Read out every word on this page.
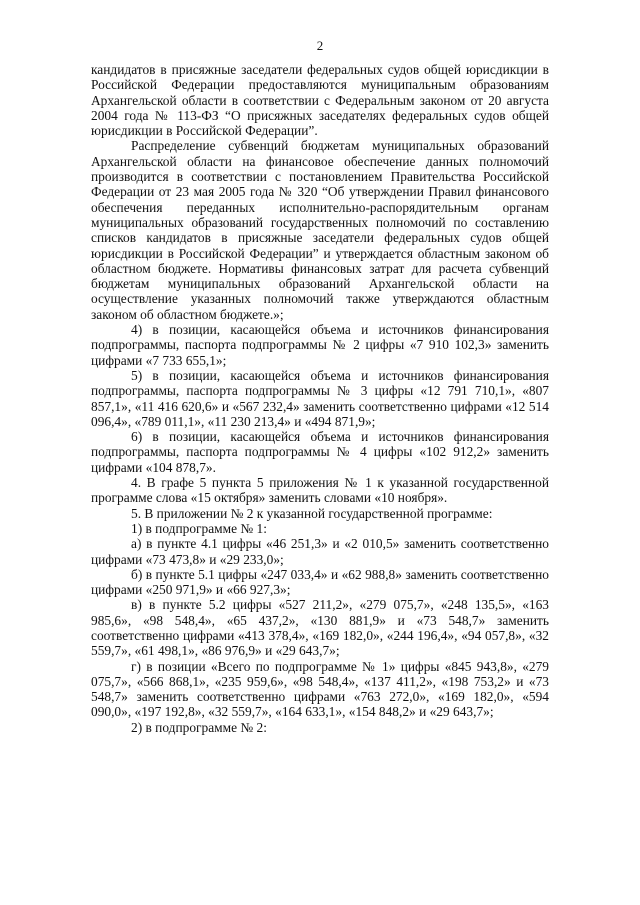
2

кандидатов в присяжные заседатели федеральных судов общей юрисдикции в Российской Федерации предоставляются муниципальным образованиям Архангельской области в соответствии с Федеральным законом от 20 августа 2004 года № 113-ФЗ “О присяжных заседателях федеральных судов общей юрисдикции в Российской Федерации”.

Распределение субвенций бюджетам муниципальных образований Архангельской области на финансовое обеспечение данных полномочий производится в соответствии с постановлением Правительства Российской Федерации от 23 мая 2005 года № 320 “Об утверждении Правил финансового обеспечения переданных исполнительно-распорядительным органам муниципальных образований государственных полномочий по составлению списков кандидатов в присяжные заседатели федеральных судов общей юрисдикции в Российской Федерации” и утверждается областным законом об областном бюджете. Нормативы финансовых затрат для расчета субвенций бюджетам муниципальных образований Архангельской области на осуществление указанных полномочий также утверждаются областным законом об областном бюджете.»;

4) в позиции, касающейся объема и источников финансирования подпрограммы, паспорта подпрограммы № 2 цифры «7 910 102,3» заменить цифрами «7 733 655,1»;

5) в позиции, касающейся объема и источников финансирования подпрограммы, паспорта подпрограммы № 3 цифры «12 791 710,1», «807 857,1», «11 416 620,6» и «567 232,4» заменить соответственно цифрами «12 514 096,4», «789 011,1», «11 230 213,4» и «494 871,9»;

6) в позиции, касающейся объема и источников финансирования подпрограммы, паспорта подпрограммы № 4 цифры «102 912,2» заменить цифрами «104 878,7».

4. В графе 5 пункта 5 приложения № 1 к указанной государственной программе слова «15 октября» заменить словами «10 ноября».

5. В приложении № 2 к указанной государственной программе:

1) в подпрограмме № 1:

а) в пункте 4.1 цифры «46 251,3» и «2 010,5» заменить соответственно цифрами «73 473,8» и «29 233,0»;

б) в пункте 5.1 цифры «247 033,4» и «62 988,8» заменить соответственно цифрами «250 971,9» и «66 927,3»;

в) в пункте 5.2 цифры «527 211,2», «279 075,7», «248 135,5», «163 985,6», «98 548,4», «65 437,2», «130 881,9» и «73 548,7» заменить соответственно цифрами «413 378,4», «169 182,0», «244 196,4», «94 057,8», «32 559,7», «61 498,1», «86 976,9» и «29 643,7»;

г) в позиции «Всего по подпрограмме № 1» цифры «845 943,8», «279 075,7», «566 868,1», «235 959,6», «98 548,4», «137 411,2», «198 753,2» и «73 548,7» заменить соответственно цифрами «763 272,0», «169 182,0», «594 090,0», «197 192,8», «32 559,7», «164 633,1», «154 848,2» и «29 643,7»;

2) в подпрограмме № 2:
